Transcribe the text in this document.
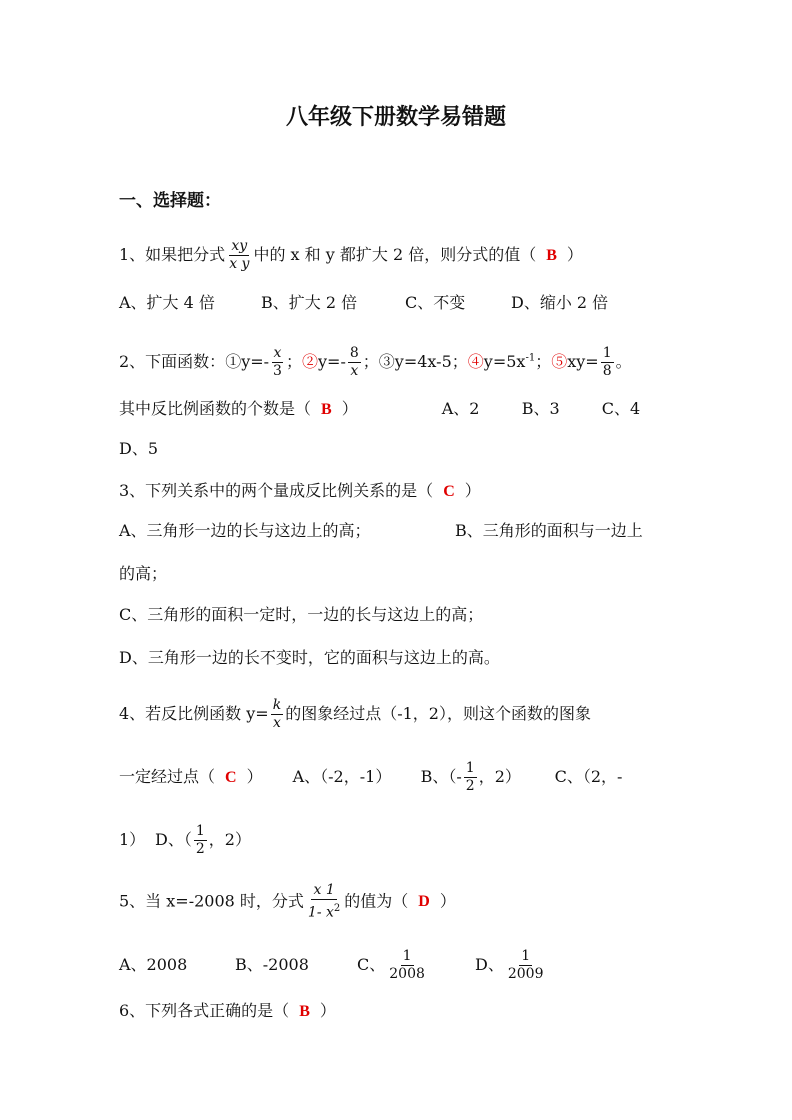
八年级下册数学易错题
一、选择题：
1、如果把分式 $\frac{xy}{\text{x y}}$ 中的 x 和 y 都扩大 2 倍，则分式的值（ B ）
A、扩大 4 倍	B、扩大 2 倍	C、不变	D、缩小 2 倍
2、下面函数：①y=- $\frac{x}{3}$ ；②y=- $\frac{8}{x}$ ；③y=4x-5；$④y=5x^{-1}$；⑤xy= $\frac{1}{8}$ 。
其中反比例函数的个数是（ B ）	A、2	B、3	C、4
D、5
3、下列关系中的两个量成反比例关系的是（ C ）
A、三角形一边的长与这边上的高；	B、三角形的面积与一边上
的高；
C、三角形的面积一定时，一边的长与这边上的高；
D、三角形一边的长不变时，它的面积与这边上的高。
4、若反比例函数 $y= \frac{k}{x}$ 的图象经过点（-1，2），则这个函数的图象
一定经过点（ C ） A、（-2，-1） B、（- $\frac{1}{2}$ ，2） C、（2，-
1） D、（ $\frac{1}{2}$ ，2）
5、当 x=-2008 时，分式 $\frac{x 1}{1- x^2}$ 的值为（ D ）
A、2008	B、-2008	C、 $\frac{1}{2008}$	D、 $\frac{1}{2009}$
6、下列各式正确的是（ B ）
